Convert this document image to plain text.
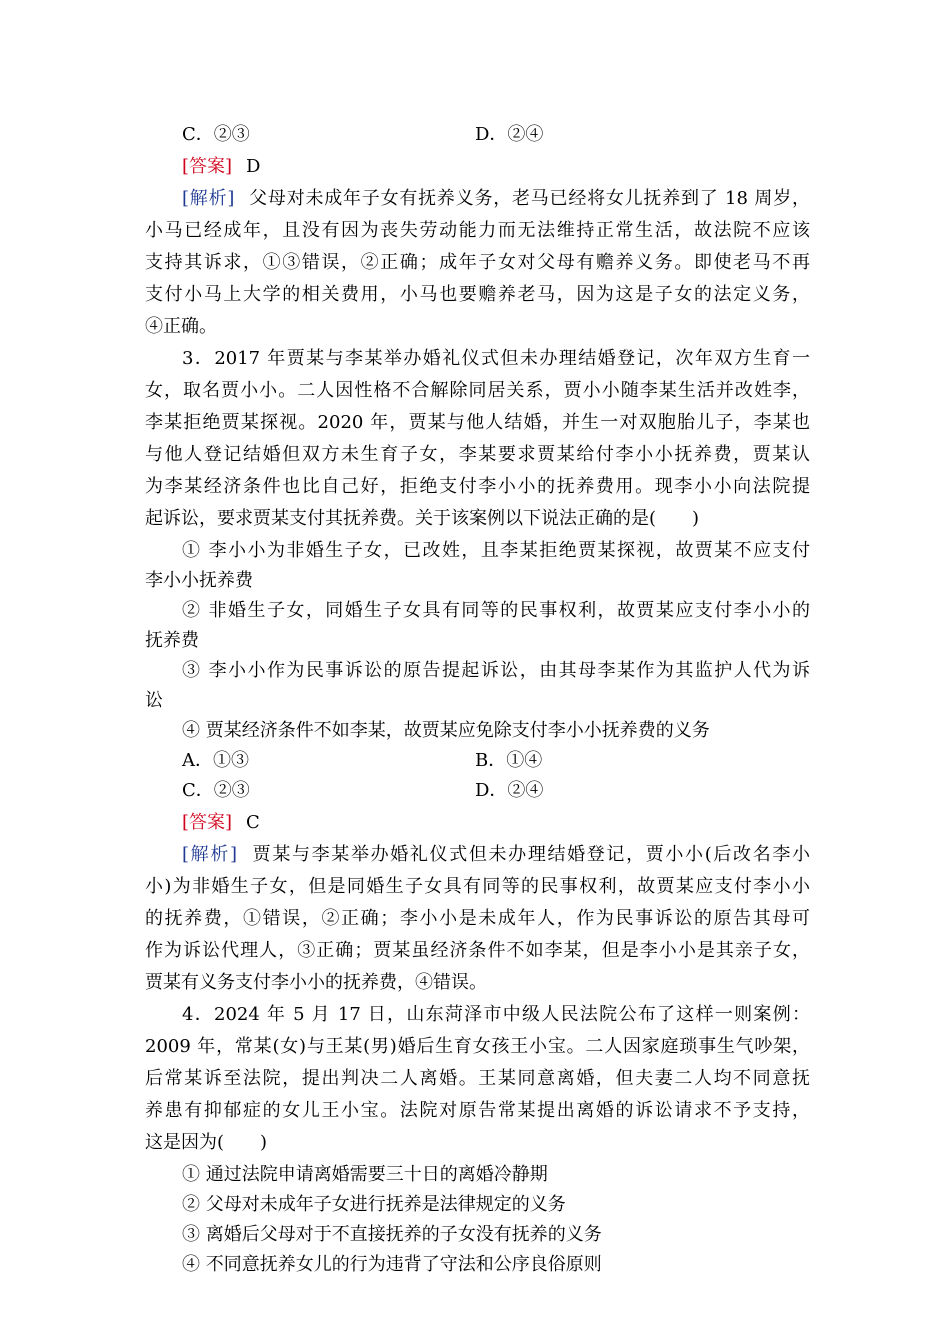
C．②③	D．②④
[答案] D
[解析] 父母对未成年子女有抚养义务，老马已经将女儿抚养到了 18 周岁，
小马已经成年，且没有因为丧失劳动能力而无法维持正常生活，故法院不应该
支持其诉求，①③错误，②正确；成年子女对父母有赡养义务。即使老马不再
支付小马上大学的相关费用，小马也要赡养老马，因为这是子女的法定义务，
④正确。
3．2017 年贾某与李某举办婚礼仪式但未办理结婚登记，次年双方生育一
女，取名贾小小。二人因性格不合解除同居关系，贾小小随李某生活并改姓李，
李某拒绝贾某探视。2020 年，贾某与他人结婚，并生一对双胞胎儿子，李某也
与他人登记结婚但双方未生育子女，李某要求贾某给付李小小抚养费，贾某认
为李某经济条件也比自己好，拒绝支付李小小的抚养费用。现李小小向法院提
起诉讼，要求贾某支付其抚养费。关于该案例以下说法正确的是(　　)
① 李小小为非婚生子女，已改姓，且李某拒绝贾某探视，故贾某不应支付
李小小抚养费
② 非婚生子女，同婚生子女具有同等的民事权利，故贾某应支付李小小的
抚养费
③ 李小小作为民事诉讼的原告提起诉讼，由其母李某作为其监护人代为诉
讼
④ 贾某经济条件不如李某，故贾某应免除支付李小小抚养费的义务
A．①③	B．①④
C．②③	D．②④
[答案] C
[解析] 贾某与李某举办婚礼仪式但未办理结婚登记，贾小小(后改名李小
小)为非婚生子女，但是同婚生子女具有同等的民事权利，故贾某应支付李小小
的抚养费，①错误，②正确；李小小是未成年人，作为民事诉讼的原告其母可
作为诉讼代理人，③正确；贾某虽经济条件不如李某，但是李小小是其亲子女，
贾某有义务支付李小小的抚养费，④错误。
4．2024 年 5 月 17 日，山东菏泽市中级人民法院公布了这样一则案例：
2009 年，常某(女)与王某(男)婚后生育女孩王小宝。二人因家庭琐事生气吵架，
后常某诉至法院，提出判决二人离婚。王某同意离婚，但夫妻二人均不同意抚
养患有抑郁症的女儿王小宝。法院对原告常某提出离婚的诉讼请求不予支持，
这是因为(　　)
① 通过法院申请离婚需要三十日的离婚冷静期
② 父母对未成年子女进行抚养是法律规定的义务
③ 离婚后父母对于不直接抚养的子女没有抚养的义务
④ 不同意抚养女儿的行为违背了守法和公序良俗原则
